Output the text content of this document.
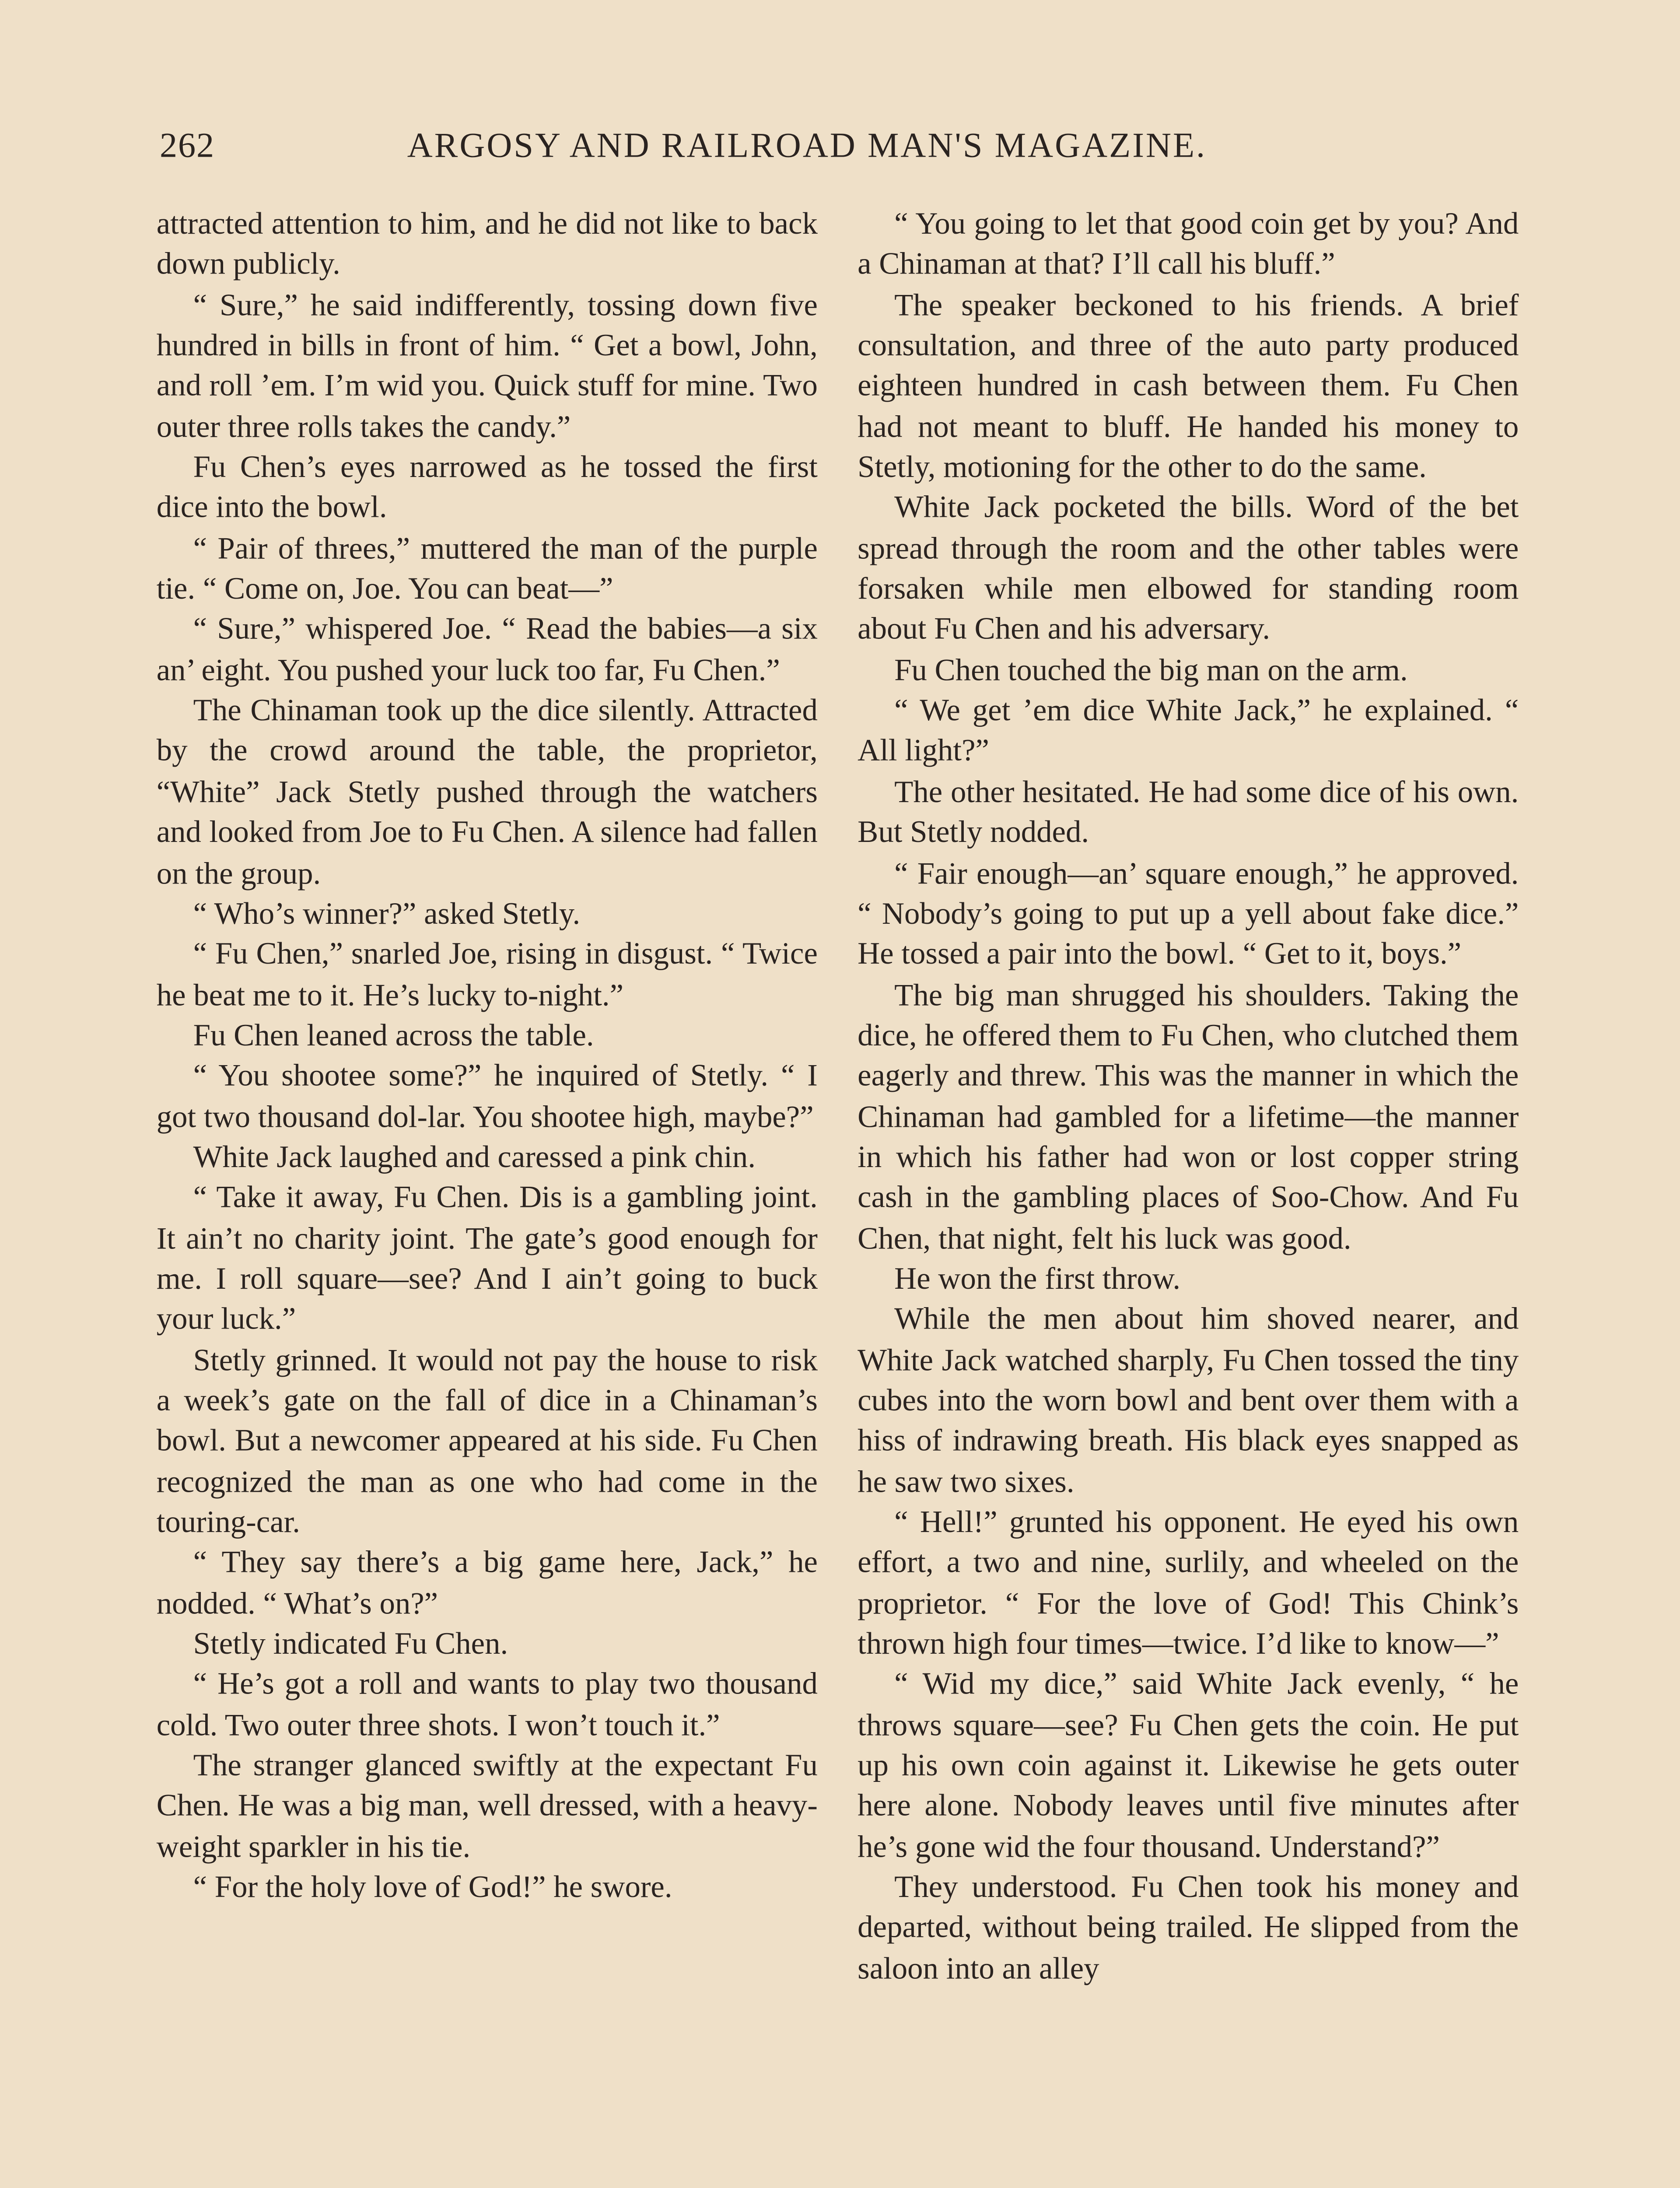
262	ARGOSY AND RAILROAD MAN'S MAGAZINE.

attracted attention to him, and he did not like to back down publicly.

“ Sure,” he said indifferently, tossing down five hundred in bills in front of him. “ Get a bowl, John, and roll ’em. I’m wid you. Quick stuff for mine. Two outer three rolls takes the candy.”

Fu Chen’s eyes narrowed as he tossed the first dice into the bowl.

“ Pair of threes,” muttered the man of the purple tie. “ Come on, Joe. You can beat—”

“ Sure,” whispered Joe. “ Read the babies—a six an’ eight. You pushed your luck too far, Fu Chen.”

The Chinaman took up the dice silently. Attracted by the crowd around the table, the proprietor, “White” Jack Stetly pushed through the watchers and looked from Joe to Fu Chen. A silence had fallen on the group.

“ Who’s winner?” asked Stetly.

“ Fu Chen,” snarled Joe, rising in disgust. “ Twice he beat me to it. He’s lucky to-night.”

Fu Chen leaned across the table.

“ You shootee some?” he inquired of Stetly. “ I got two thousand dol-lar. You shootee high, maybe?”

White Jack laughed and caressed a pink chin.

“ Take it away, Fu Chen. Dis is a gambling joint. It ain’t no charity joint. The gate’s good enough for me. I roll square—see? And I ain’t going to buck your luck.”

Stetly grinned. It would not pay the house to risk a week’s gate on the fall of dice in a Chinaman’s bowl. But a newcomer appeared at his side. Fu Chen recognized the man as one who had come in the touring-car.

“ They say there’s a big game here, Jack,” he nodded. “ What’s on?”

Stetly indicated Fu Chen.

“ He’s got a roll and wants to play two thousand cold. Two outer three shots. I won’t touch it.”

The stranger glanced swiftly at the expectant Fu Chen. He was a big man, well dressed, with a heavy-weight sparkler in his tie.

“ For the holy love of God!” he swore.

“ You going to let that good coin get by you? And a Chinaman at that? I’ll call his bluff.”

The speaker beckoned to his friends. A brief consultation, and three of the auto party produced eighteen hundred in cash between them. Fu Chen had not meant to bluff. He handed his money to Stetly, motioning for the other to do the same.

White Jack pocketed the bills. Word of the bet spread through the room and the other tables were forsaken while men elbowed for standing room about Fu Chen and his adversary.

Fu Chen touched the big man on the arm.

“ We get ’em dice White Jack,” he explained. “ All light?”

The other hesitated. He had some dice of his own. But Stetly nodded.

“ Fair enough—an’ square enough,” he approved. “ Nobody’s going to put up a yell about fake dice.” He tossed a pair into the bowl. “ Get to it, boys.”

The big man shrugged his shoulders. Taking the dice, he offered them to Fu Chen, who clutched them eagerly and threw. This was the manner in which the Chinaman had gambled for a lifetime—the manner in which his father had won or lost copper string cash in the gambling places of Soo-Chow. And Fu Chen, that night, felt his luck was good.

He won the first throw.

While the men about him shoved nearer, and White Jack watched sharply, Fu Chen tossed the tiny cubes into the worn bowl and bent over them with a hiss of indrawing breath. His black eyes snapped as he saw two sixes.

“ Hell!” grunted his opponent. He eyed his own effort, a two and nine, surlily, and wheeled on the proprietor. “ For the love of God! This Chink’s thrown high four times—twice. I’d like to know—”

“ Wid my dice,” said White Jack evenly, “ he throws square—see? Fu Chen gets the coin. He put up his own coin against it. Likewise he gets outer here alone. Nobody leaves until five minutes after he’s gone wid the four thousand. Understand?”

They understood. Fu Chen took his money and departed, without being trailed. He slipped from the saloon into an alley
